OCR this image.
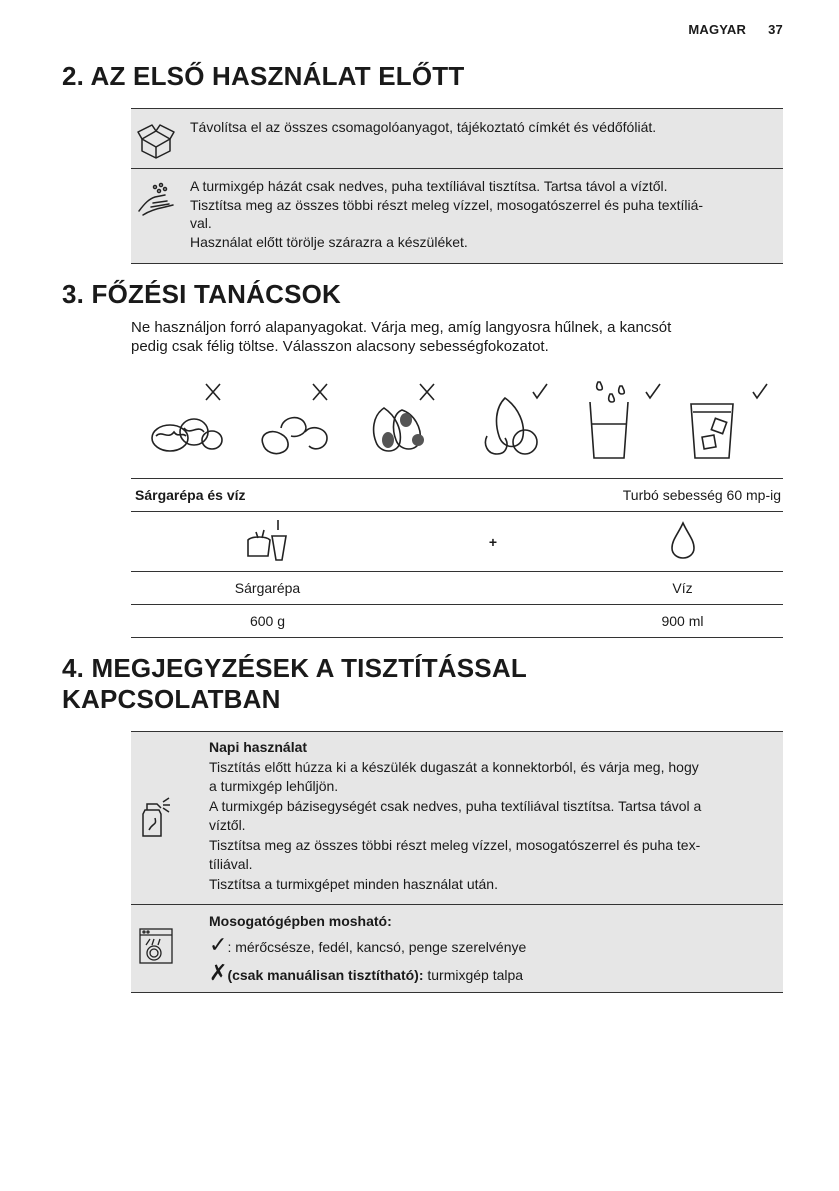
MAGYAR 37
2. AZ ELSŐ HASZNÁLAT ELŐTT
Távolítsa el az összes csomagolóanyagot, tájékoztató címkét és védőfóliát.
A turmixgép házát csak nedves, puha textíliával tisztítsa. Tartsa távol a víztől.
Tisztítsa meg az összes többi részt meleg vízzel, mosogatószerrel és puha textíliá-
val.
Használat előtt törölje szárazra a készüléket.
3. FŐZÉSI TANÁCSOK
Ne használjon forró alapanyagokat. Várja meg, amíg langyosra hűlnek, a kancsót
pedig csak félig töltse. Válasszon alacsony sebességfokozatot.
Sárgarépa és víz		Turbó sebesség 60 mp-ig
	+	
Sárgarépa		Víz
600 g		900 ml
4. MEGJEGYZÉSEK A TISZTÍTÁSSAL
KAPCSOLATBAN
Napi használat
Tisztítás előtt húzza ki a készülék dugaszát a konnektorból, és várja meg, hogy
a turmixgép lehűljön.
A turmixgép bázisegységét csak nedves, puha textíliával tisztítsa. Tartsa távol a
víztől.
Tisztítsa meg az összes többi részt meleg vízzel, mosogatószerrel és puha tex-
tíliával.
Tisztítsa a turmixgépet minden használat után.
Mosogatógépben mosható:
✓: mérőcsésze, fedél, kancsó, penge szerelvénye
✗(csak manuálisan tisztítható): turmixgép talpa
